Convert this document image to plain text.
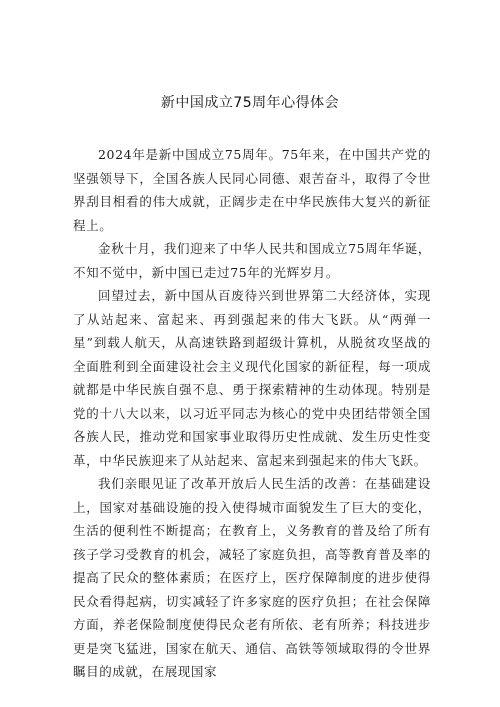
新中国成立75周年心得体会

2024年是新中国成立75周年。75年来，在中国共产党的坚强领导下，全国各族人民同心同德、艰苦奋斗，取得了令世界刮目相看的伟大成就，正阔步走在中华民族伟大复兴的新征程上。

金秋十月，我们迎来了中华人民共和国成立75周年华诞，不知不觉中，新中国已走过75年的光辉岁月。

回望过去，新中国从百废待兴到世界第二大经济体，实现了从站起来、富起来、再到强起来的伟大飞跃。从“两弹一星”到载人航天，从高速铁路到超级计算机，从脱贫攻坚战的全面胜利到全面建设社会主义现代化国家的新征程，每一项成就都是中华民族自强不息、勇于探索精神的生动体现。特别是党的十八大以来，以习近平同志为核心的党中央团结带领全国各族人民，推动党和国家事业取得历史性成就、发生历史性变革，中华民族迎来了从站起来、富起来到强起来的伟大飞跃。

我们亲眼见证了改革开放后人民生活的改善：在基础建设上，国家对基础设施的投入使得城市面貌发生了巨大的变化，生活的便利性不断提高；在教育上，义务教育的普及给了所有孩子学习受教育的机会，减轻了家庭负担，高等教育普及率的提高了民众的整体素质；在医疗上，医疗保障制度的进步使得民众看得起病，切实减轻了许多家庭的医疗负担；在社会保障方面，养老保险制度使得民众老有所依、老有所养；科技进步更是突飞猛进，国家在航天、通信、高铁等领域取得的令世界瞩目的成就，在展现国家
